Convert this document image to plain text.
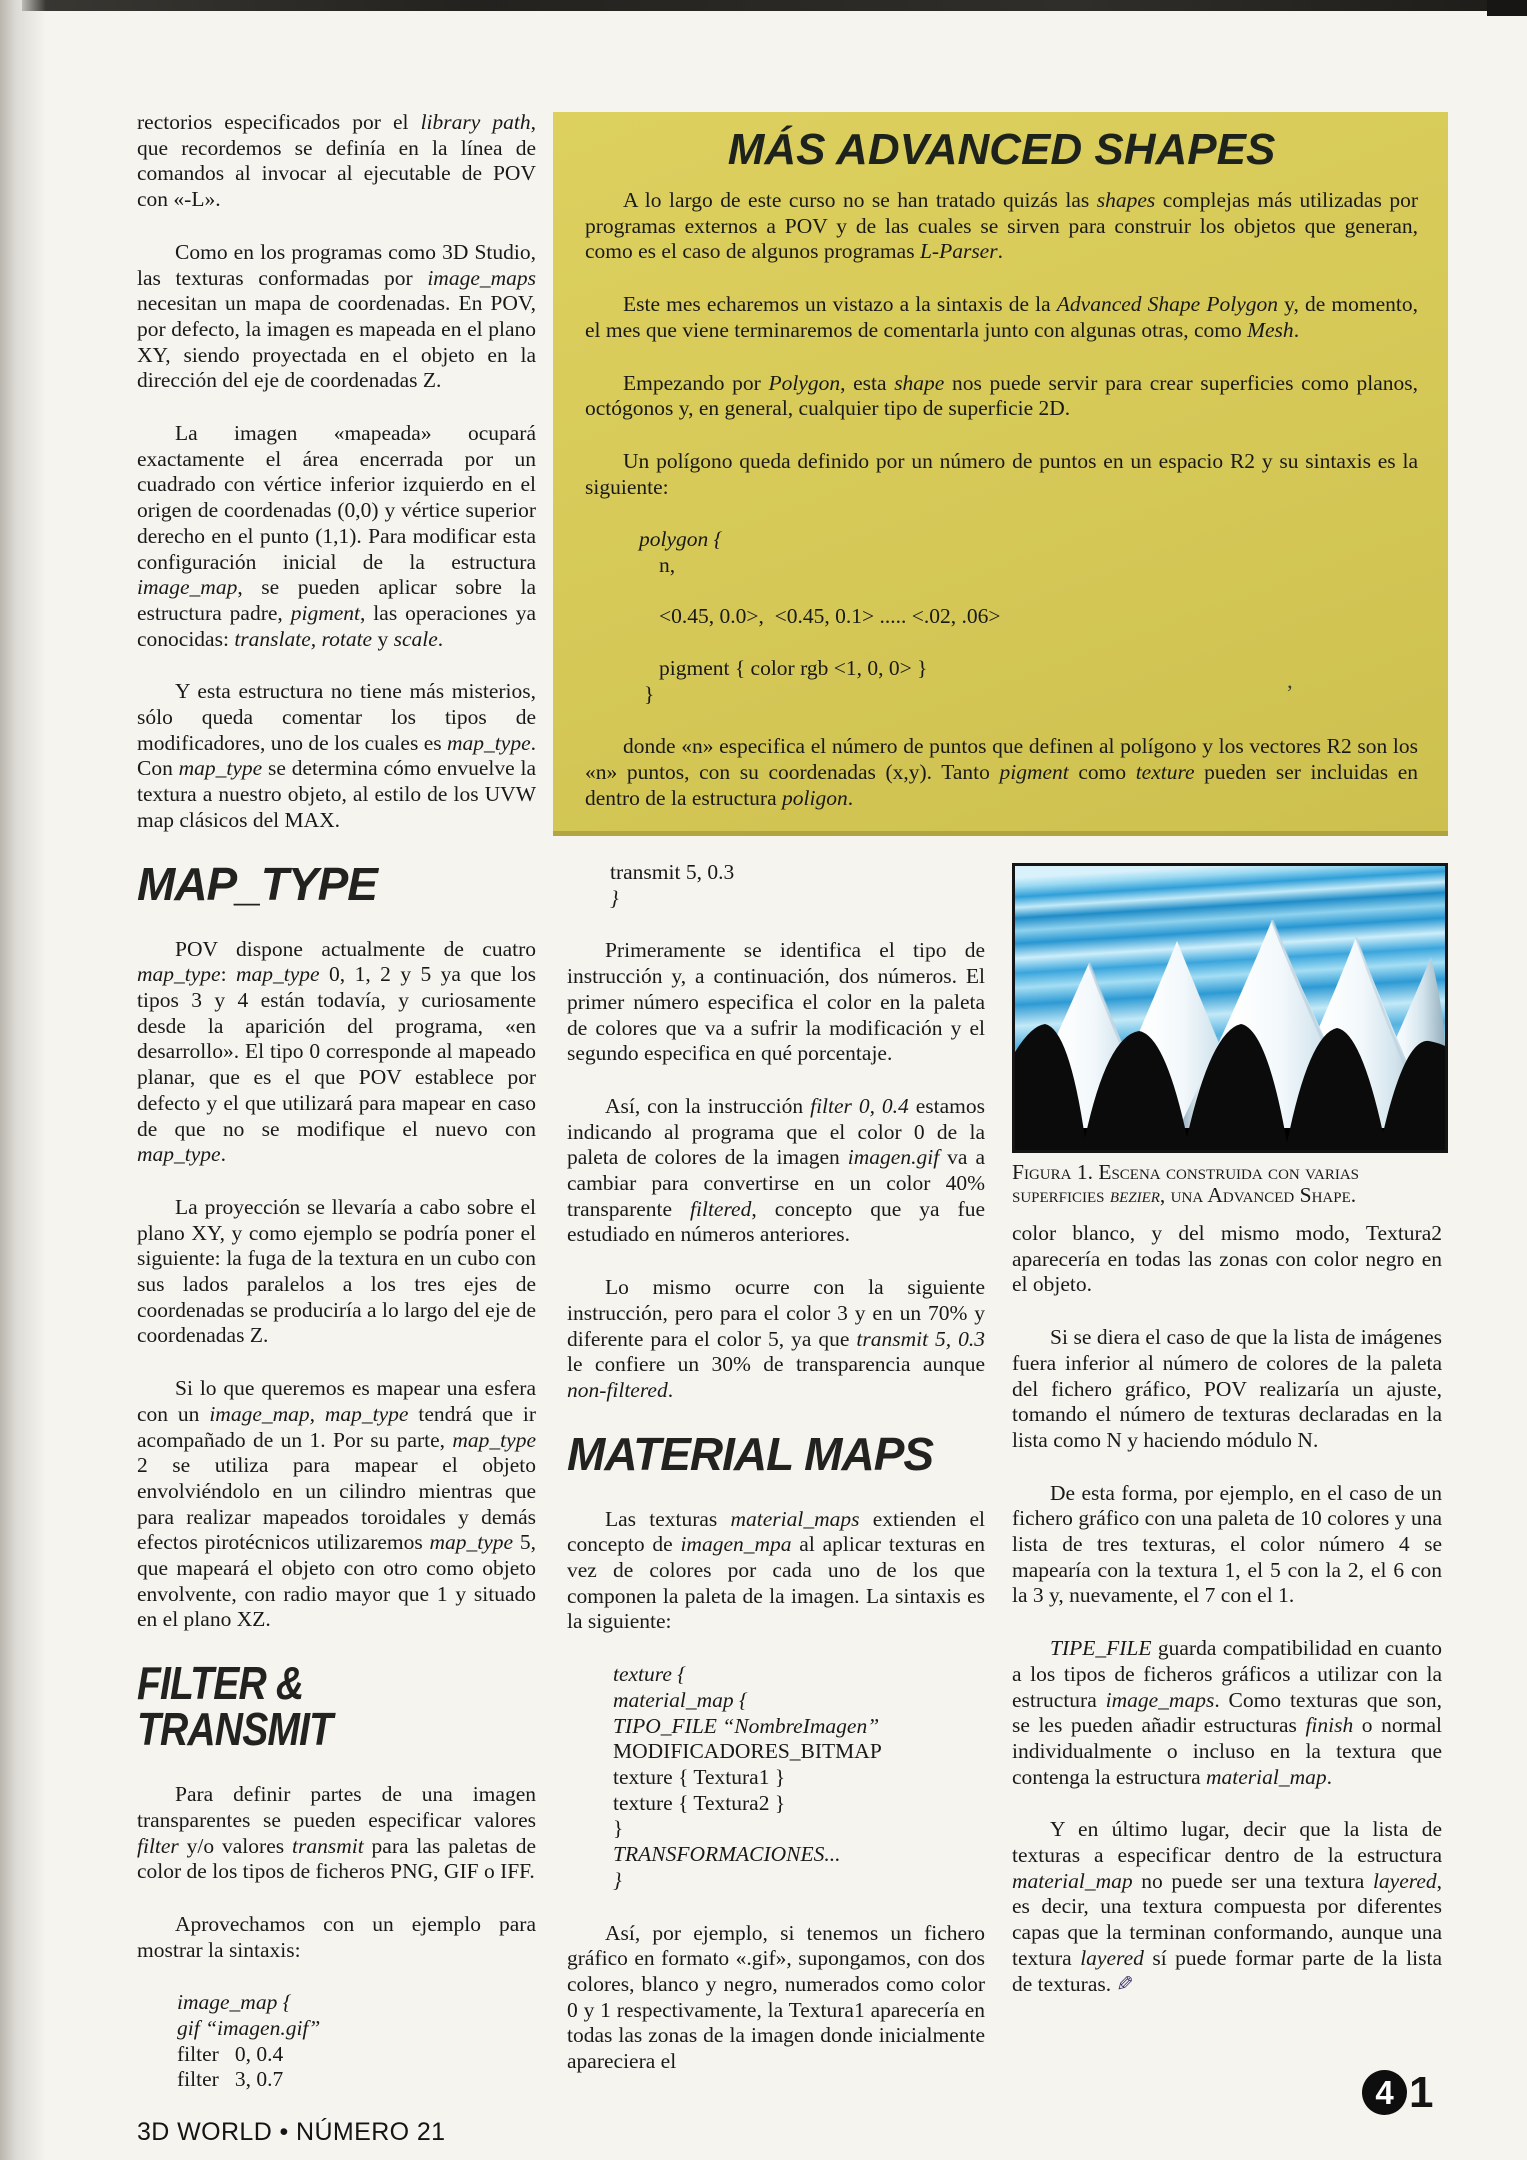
rectorios especificados por el library path, que recordemos se definía en la línea de comandos al invocar al ejecutable de POV con «-L».

Como en los programas como 3D Studio, las texturas conformadas por image_maps necesitan un mapa de coordenadas. En POV, por defecto, la imagen es mapeada en el plano XY, siendo proyectada en el objeto en la dirección del eje de coordenadas Z.

La imagen «mapeada» ocupará exactamente el área encerrada por un cuadrado con vértice inferior izquierdo en el origen de coordenadas (0,0) y vértice superior derecho en el punto (1,1). Para modificar esta configuración inicial de la estructura image_map, se pueden aplicar sobre la estructura padre, pigment, las operaciones ya conocidas: translate, rotate y scale.

Y esta estructura no tiene más misterios, sólo queda comentar los tipos de modificadores, uno de los cuales es map_type. Con map_type se determina cómo envuelve la textura a nuestro objeto, al estilo de los UVW map clásicos del MAX.

MAP_TYPE

POV dispone actualmente de cuatro map_type: map_type 0, 1, 2 y 5 ya que los tipos 3 y 4 están todavía, y curiosamente desde la aparición del programa, «en desarrollo». El tipo 0 corresponde al mapeado planar, que es el que POV establece por defecto y el que utilizará para mapear en caso de que no se modifique el nuevo con map_type.

La proyección se llevaría a cabo sobre el plano XY, y como ejemplo se podría poner el siguiente: la fuga de la textura en un cubo con sus lados paralelos a los tres ejes de coordenadas se produciría a lo largo del eje de coordenadas Z.

Si lo que queremos es mapear una esfera con un image_map, map_type tendrá que ir acompañado de un 1. Por su parte, map_type 2 se utiliza para mapear el objeto envolviéndolo en un cilindro mientras que para realizar mapeados toroidales y demás efectos pirotécnicos utilizaremos map_type 5, que mapeará el objeto con otro como objeto envolvente, con radio mayor que 1 y situado en el plano XZ.

FILTER & TRANSMIT

Para definir partes de una imagen transparentes se pueden especificar valores filter y/o valores transmit para las paletas de color de los tipos de ficheros PNG, GIF o IFF.

Aprovechamos con un ejemplo para mostrar la sintaxis:

image_map {
gif “imagen.gif”
filter   0, 0.4
filter   3, 0.7
3D WORLD • NÚMERO 21
MÁS ADVANCED SHAPES

A lo largo de este curso no se han tratado quizás las shapes complejas más utilizadas por programas externos a POV y de las cuales se sirven para construir los objetos que generan, como es el caso de algunos programas L-Parser.

Este mes echaremos un vistazo a la sintaxis de la Advanced Shape Polygon y, de momento, el mes que viene terminaremos de comentarla junto con algunas otras, como Mesh.

Empezando por Polygon, esta shape nos puede servir para crear superficies como planos, octógonos y, en general, cualquier tipo de superficie 2D.

Un polígono queda definido por un número de puntos en un espacio R2 y su sintaxis es la siguiente:

polygon {
n,

<0.45, 0.0>,  <0.45, 0.1> ..... <.02, .06>

pigment { color rgb <1, 0, 0> }
}

donde «n» especifica el número de puntos que definen al polígono y los vectores R2 son los «n» puntos, con su coordenadas (x,y). Tanto pigment como texture pueden ser incluidas en dentro de la estructura poligon.

’
transmit 5, 0.3
}

Primeramente se identifica el tipo de instrucción y, a continuación, dos números. El primer número especifica el color en la paleta de colores que va a sufrir la modificación y el segundo especifica en qué porcentaje.

Así, con la instrucción filter 0, 0.4 estamos indicando al programa que el color 0 de la paleta de colores de la imagen imagen.gif va a cambiar para convertirse en un color 40% transparente filtered, concepto que ya fue estudiado en números anteriores.

Lo mismo ocurre con la siguiente instrucción, pero para el color 3 y en un 70% y diferente para el color 5, ya que transmit 5, 0.3 le confiere un 30% de transparencia aunque non-filtered.

MATERIAL MAPS

Las texturas material_maps extienden el concepto de imagen_mpa al aplicar texturas en vez de colores por cada uno de los que componen la paleta de la imagen. La sintaxis es la siguiente:

texture {
material_map {
TIPO_FILE “NombreImagen”
MODIFICADORES_BITMAP
texture { Textura1 }
texture { Textura2 }
}
TRANSFORMACIONES...
}

Así, por ejemplo, si tenemos un fichero gráfico en formato «.gif», supongamos, con dos colores, blanco y negro, numerados como color 0 y 1 respectivamente, la Textura1 aparecería en todas las zonas de la imagen donde inicialmente apareciera el

Figura 1. Escena construida con varias superficies bezier, una Advanced Shape.

color blanco, y del mismo modo, Textura2 aparecería en todas las zonas con color negro en el objeto.

Si se diera el caso de que la lista de imágenes fuera inferior al número de colores de la paleta del fichero gráfico, POV realizaría un ajuste, tomando el número de texturas declaradas en la lista como N y haciendo módulo N.

De esta forma, por ejemplo, en el caso de un fichero gráfico con una paleta de 10 colores y una lista de tres texturas, el color número 4 se mapearía con la textura 1, el 5 con la 2, el 6 con la 3 y, nuevamente, el 7 con el 1.

TIPE_FILE guarda compatibilidad en cuanto a los tipos de ficheros gráficos a utilizar con la estructura image_maps. Como texturas que son, se les pueden añadir estructuras finish o normal individualmente o incluso en la textura que contenga la estructura material_map.

Y en último lugar, decir que la lista de texturas a especificar dentro de la estructura material_map no puede ser una textura layered, es decir, una textura compuesta por diferentes capas que la terminan conformando, aunque una textura layered sí puede formar parte de la lista de texturas. ✎

4 1
